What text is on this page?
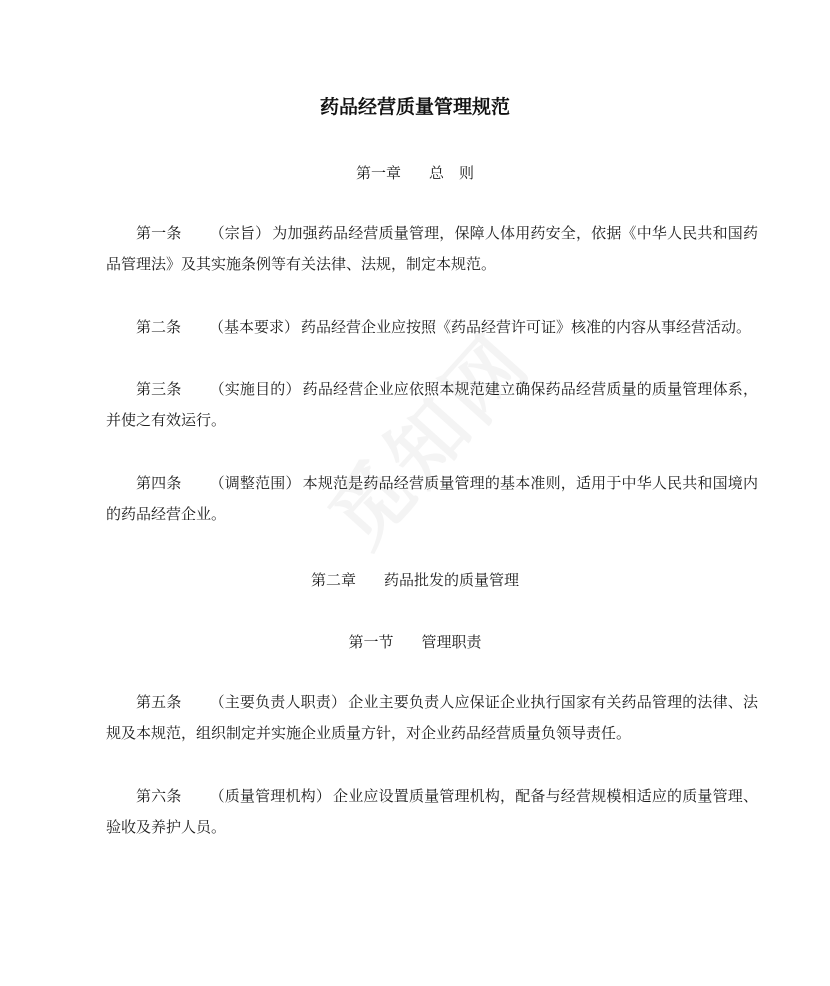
药品经营质量管理规范
第一章 总　则
第一条 （宗旨） 为加强药品经营质量管理，保障人体用药安全，依据《中华人民共和国药品管理法》及其实施条例等有关法律、法规，制定本规范。
第二条 （基本要求） 药品经营企业应按照《药品经营许可证》核准的内容从事经营活动。
第三条 （实施目的） 药品经营企业应依照本规范建立确保药品经营质量的质量管理体系，并使之有效运行。
第四条 （调整范围） 本规范是药品经营质量管理的基本准则，适用于中华人民共和国境内的药品经营企业。
第二章 药品批发的质量管理
第一节 管理职责
第五条 （主要负责人职责） 企业主要负责人应保证企业执行国家有关药品管理的法律、法规及本规范，组织制定并实施企业质量方针，对企业药品经营质量负领导责任。
第六条 （质量管理机构） 企业应设置质量管理机构，配备与经营规模相适应的质量管理、验收及养护人员。
